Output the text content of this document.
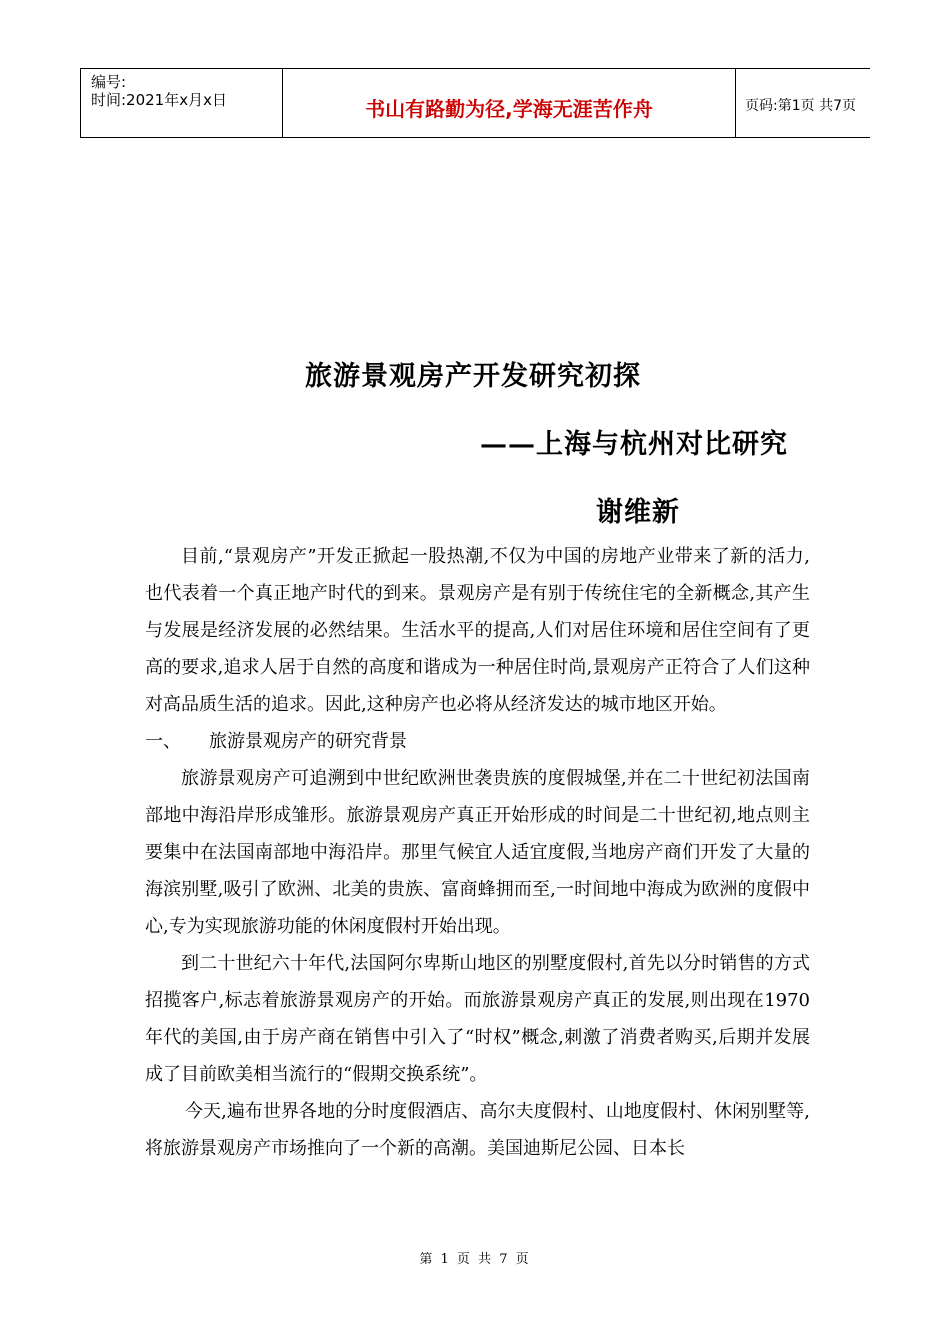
编号:
时间:2021年x月x日	书山有路勤为径,学海无涯苦作舟	页码:第1页 共7页
旅游景观房产开发研究初探
——上海与杭州对比研究
谢维新

目前,“景观房产”开发正掀起一股热潮,不仅为中国的房地产业带来了新的活力,也代表着一个真正地产时代的到来。景观房产是有别于传统住宅的全新概念,其产生与发展是经济发展的必然结果。生活水平的提高,人们对居住环境和居住空间有了更高的要求,追求人居于自然的高度和谐成为一种居住时尚,景观房产正符合了人们这种对高品质生活的追求。因此,这种房产也必将从经济发达的城市地区开始。

一、 旅游景观房产的研究背景

旅游景观房产可追溯到中世纪欧洲世袭贵族的度假城堡,并在二十世纪初法国南部地中海沿岸形成雏形。旅游景观房产真正开始形成的时间是二十世纪初,地点则主要集中在法国南部地中海沿岸。那里气候宜人适宜度假,当地房产商们开发了大量的海滨别墅,吸引了欧洲、北美的贵族、富商蜂拥而至,一时间地中海成为欧洲的度假中心,专为实现旅游功能的休闲度假村开始出现。

到二十世纪六十年代,法国阿尔卑斯山地区的别墅度假村,首先以分时销售的方式招揽客户,标志着旅游景观房产的开始。而旅游景观房产真正的发展,则出现在1970年代的美国,由于房产商在销售中引入了“时权”概念,刺激了消费者购买,后期并发展成了目前欧美相当流行的“假期交换系统”。

今天,遍布世界各地的分时度假酒店、高尔夫度假村、山地度假村、休闲别墅等,将旅游景观房产市场推向了一个新的高潮。美国迪斯尼公园、日本长

第 1 页 共 7 页
